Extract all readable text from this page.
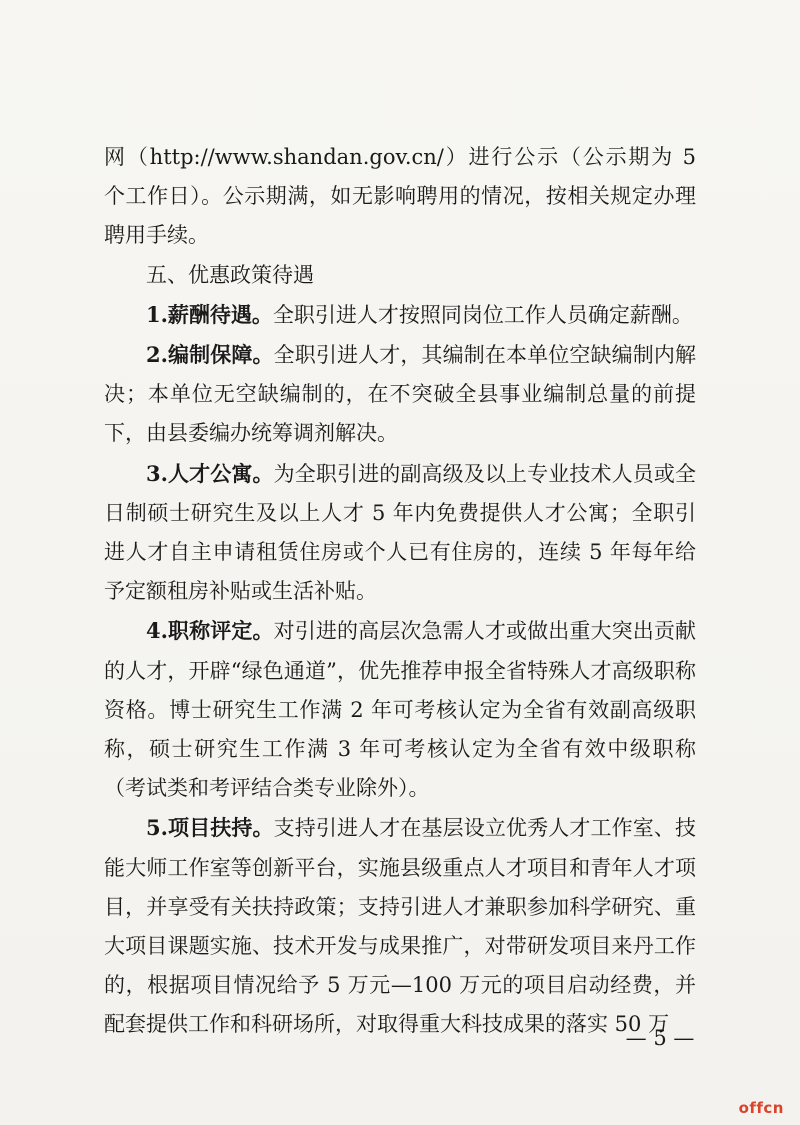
网（http://www.shandan.gov.cn/）进行公示（公示期为 5 个工作日）。公示期满，如无影响聘用的情况，按相关规定办理聘用手续。

五、优惠政策待遇

1.薪酬待遇。全职引进人才按照同岗位工作人员确定薪酬。

2.编制保障。全职引进人才，其编制在本单位空缺编制内解决；本单位无空缺编制的，在不突破全县事业编制总量的前提下，由县委编办统筹调剂解决。

3.人才公寓。为全职引进的副高级及以上专业技术人员或全日制硕士研究生及以上人才 5 年内免费提供人才公寓；全职引进人才自主申请租赁住房或个人已有住房的，连续 5 年每年给予定额租房补贴或生活补贴。

4.职称评定。对引进的高层次急需人才或做出重大突出贡献的人才，开辟“绿色通道”，优先推荐申报全省特殊人才高级职称资格。博士研究生工作满 2 年可考核认定为全省有效副高级职称，硕士研究生工作满 3 年可考核认定为全省有效中级职称（考试类和考评结合类专业除外）。

5.项目扶持。支持引进人才在基层设立优秀人才工作室、技能大师工作室等创新平台，实施县级重点人才项目和青年人才项目，并享受有关扶持政策；支持引进人才兼职参加科学研究、重大项目课题实施、技术开发与成果推广，对带研发项目来丹工作的，根据项目情况给予 5 万元—100 万元的项目启动经费，并配套提供工作和科研场所，对取得重大科技成果的落实 50 万

— 5 —
offcn
